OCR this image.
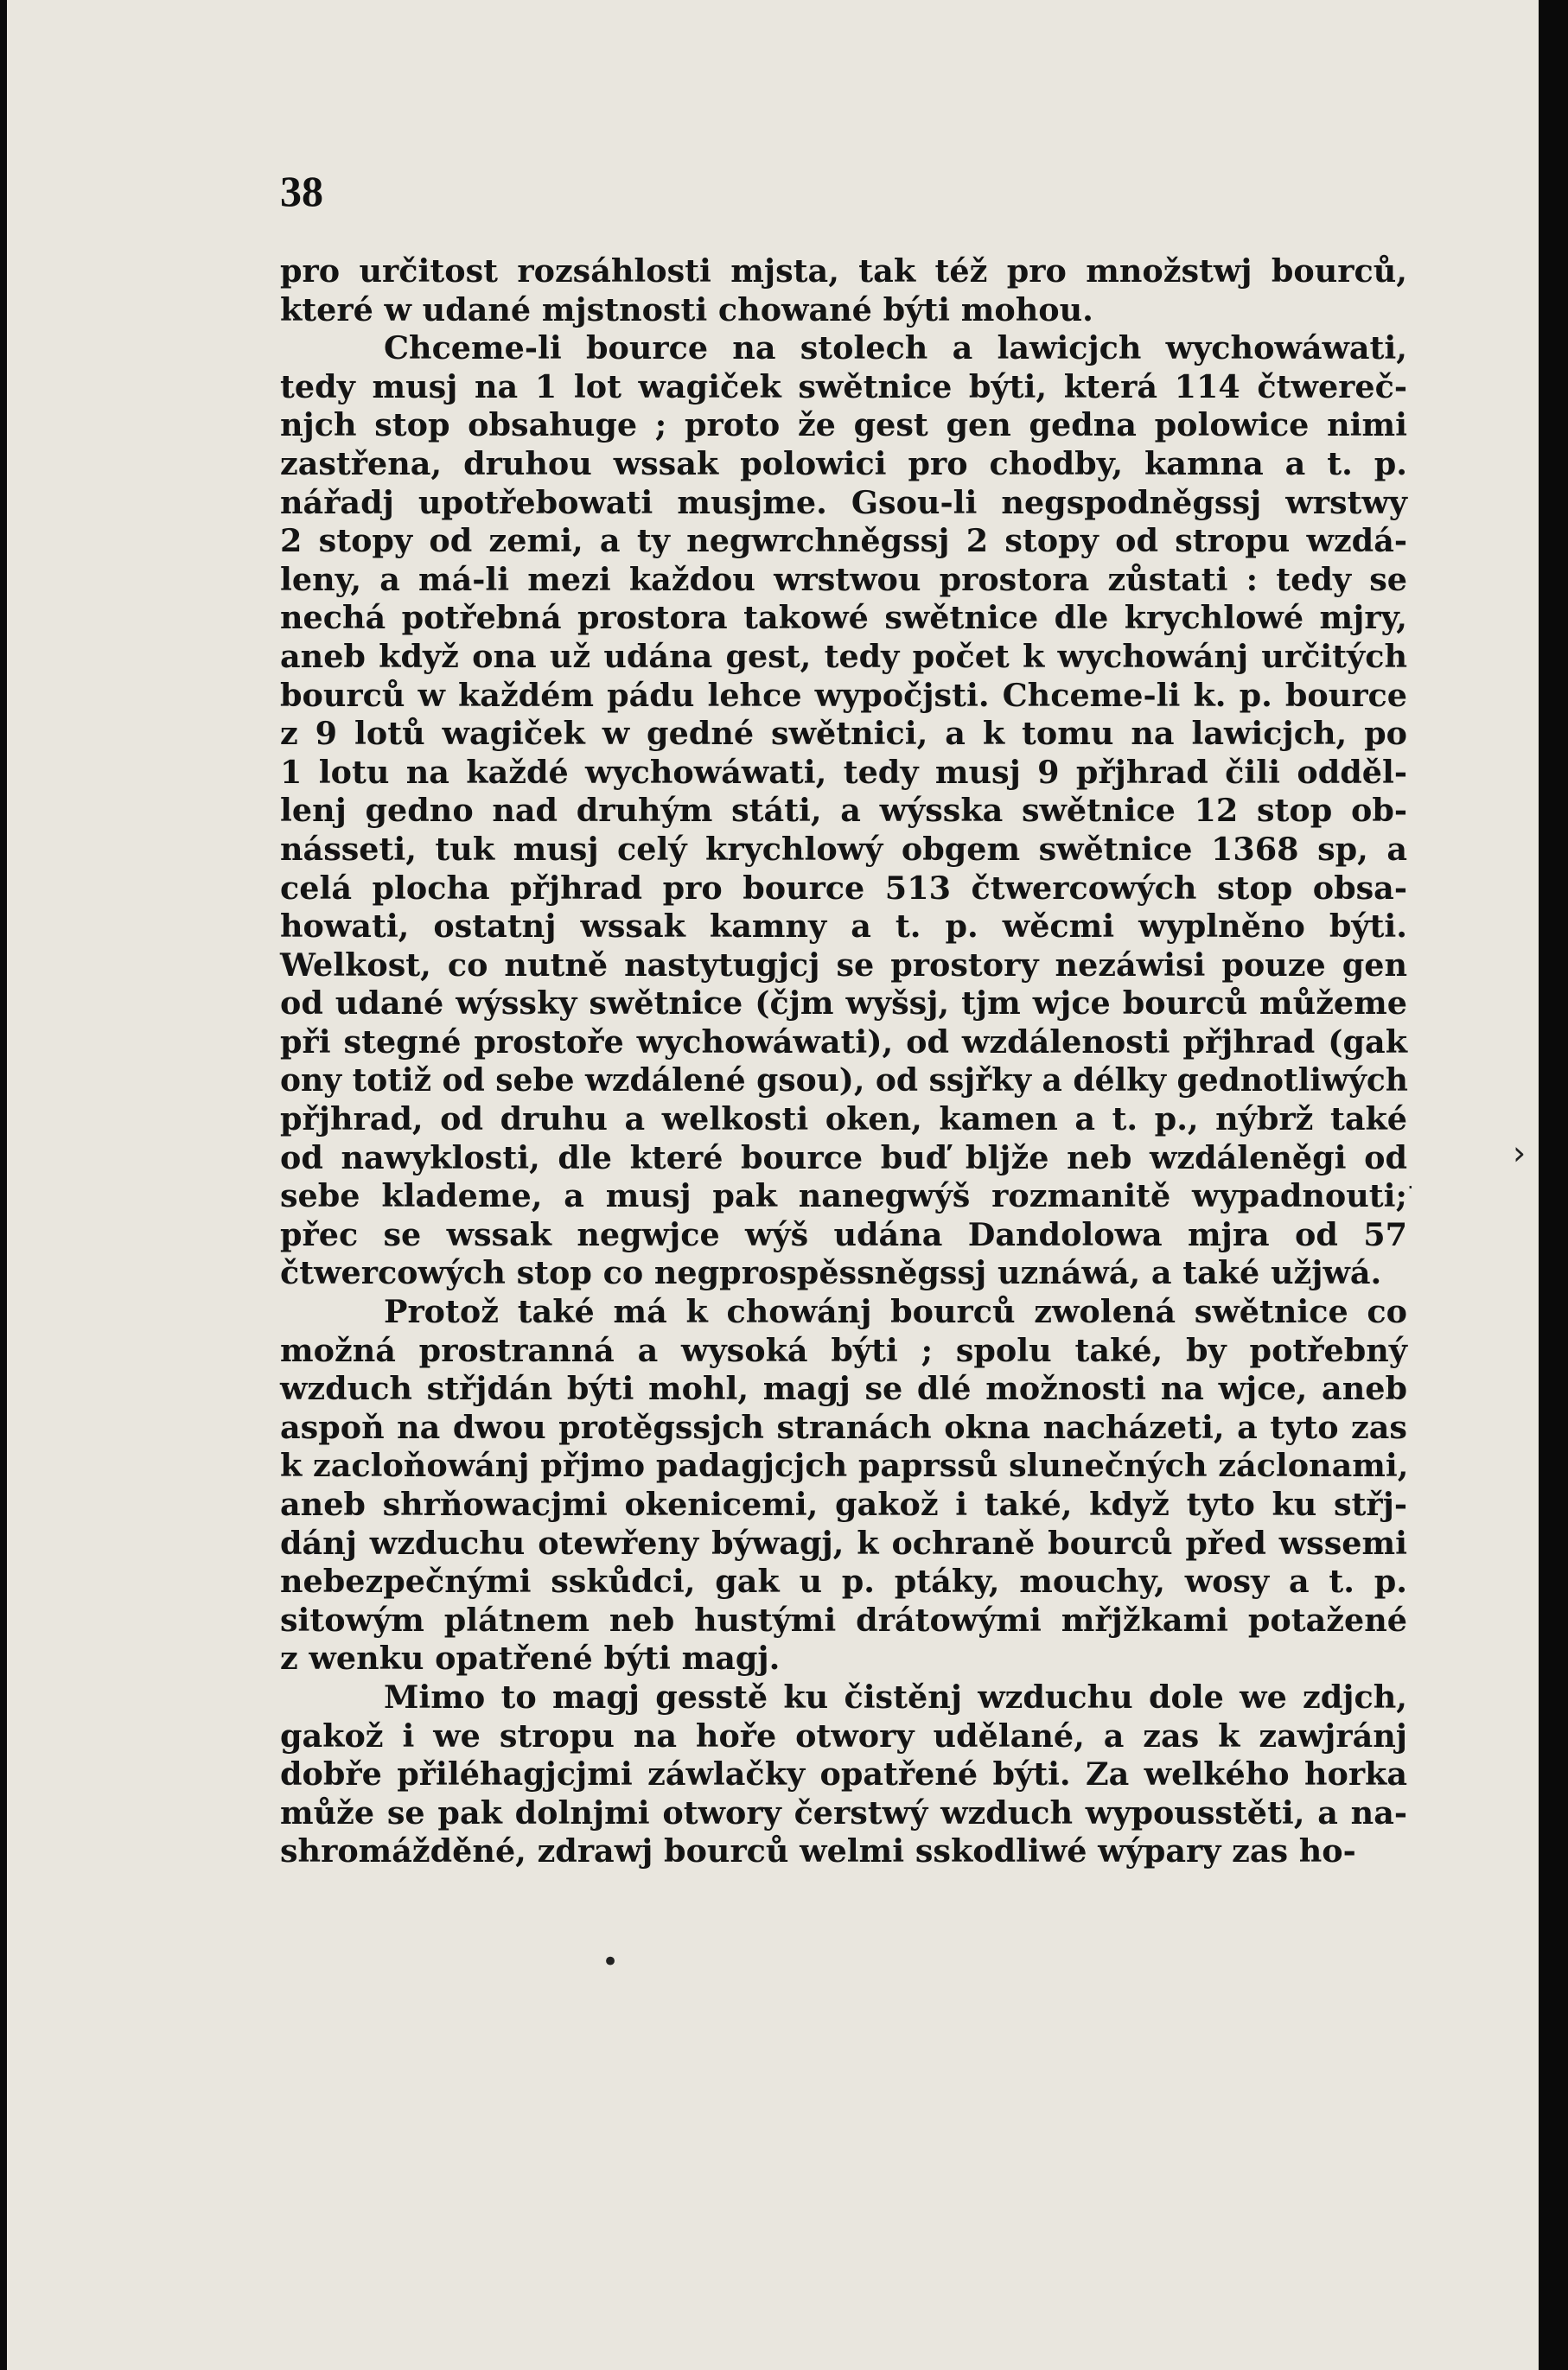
38
pro určitost rozsáhlosti mjsta, tak též pro množstwj bourců,
které w udané mjstnosti chowané býti mohou.
Chceme-li bource na stolech a lawicjch wychowáwati,
tedy musj na 1 lot wagiček swětnice býti, která 114 čtwereč-
njch stop obsahuge ; proto že gest gen gedna polowice nimi
zastřena, druhou wssak polowici pro chodby, kamna a t. p.
nářadj upotřebowati musjme. Gsou-li negspodněgssj wrstwy
2 stopy od zemi, a ty negwrchněgssj 2 stopy od stropu wzdá-
leny, a má-li mezi každou wrstwou prostora zůstati : tedy se
nechá potřebná prostora takowé swětnice dle krychlowé mjry,
aneb když ona už udána gest, tedy počet k wychowánj určitých
bourců w každém pádu lehce wypočjsti. Chceme-li k. p. bource
z 9 lotů wagiček w gedné swětnici, a k tomu na lawicjch, po
1 lotu na každé wychowáwati, tedy musj 9 přjhrad čili odděl-
lenj gedno nad druhým státi, a wýsska swětnice 12 stop ob-
násseti, tuk musj celý krychlowý obgem swětnice 1368 sp, a
celá plocha přjhrad pro bource 513 čtwercowých stop obsa-
howati, ostatnj wssak kamny a t. p. wěcmi wyplněno býti.
Welkost, co nutně nastytugjcj se prostory nezáwisi pouze gen
od udané wýssky swětnice (čjm wyšsj, tjm wjce bourců můžeme
při stegné prostoře wychowáwati), od wzdálenosti přjhrad (gak
ony totiž od sebe wzdálené gsou), od ssjřky a délky gednotliwých
přjhrad, od druhu a welkosti oken, kamen a t. p., nýbrž také
od nawyklosti, dle které bource buď bljže neb wzdáleněgi od
sebe klademe, a musj pak nanegwýš rozmanitě wypadnouti;
přec se wssak negwjce wýš udána Dandolowa mjra od 57
čtwercowých stop co negprospěssněgssj uznáwá, a také užjwá.
Protož také má k chowánj bourců zwolená swětnice co
možná prostranná a wysoká býti ; spolu také, by potřebný
wzduch střjdán býti mohl, magj se dlé možnosti na wjce, aneb
aspoň na dwou protěgssjch stranách okna nacházeti, a tyto zas
k zacloňowánj přjmo padagjcjch paprssů slunečných záclonami,
aneb shrňowacjmi okenicemi, gakož i také, když tyto ku střj-
dánj wzduchu otewřeny býwagj, k ochraně bourců před wssemi
nebezpečnými sskůdci, gak u p. ptáky, mouchy, wosy a t. p.
sitowým plátnem neb hustými drátowými mřjžkami potažené
z wenku opatřené býti magj.
Mimo to magj gesstě ku čistěnj wzduchu dole we zdjch,
gakož i we stropu na hoře otwory udělané, a zas k zawjránj
dobře přiléhagjcjmi záwlačky opatřené býti. Za welkého horka
může se pak dolnjmi otwory čerstwý wzduch wypousstěti, a na-
shromážděné, zdrawj bourců welmi sskodliwé wýpary zas ho-
›
·
•
